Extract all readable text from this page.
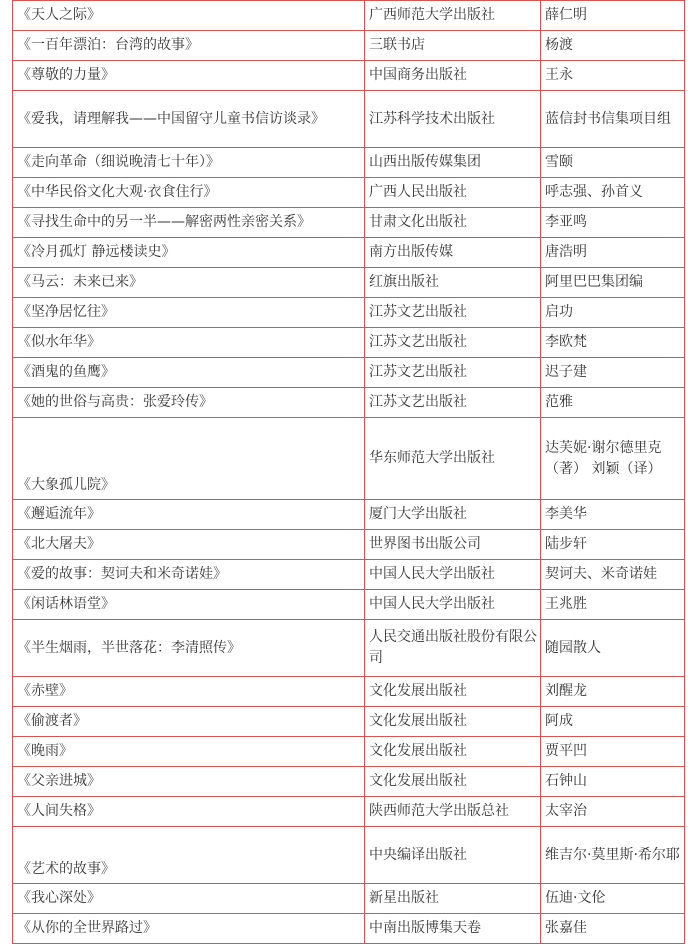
《天人之际》	广西师范大学出版社	薛仁明
《一百年漂泊：台湾的故事》	三联书店	杨渡
《尊敬的力量》	中国商务出版社	王永
《爱我，请理解我——中国留守儿童书信访谈录》	江苏科学技术出版社	蓝信封书信集项目组
《走向革命（细说晚清七十年）》	山西出版传媒集团	雪颐
《中华民俗文化大观·衣食住行》	广西人民出版社	呼志强、孙首义
《寻找生命中的另一半——解密两性亲密关系》	甘肃文化出版社	李亚鸣
《冷月孤灯 静远楼读史》	南方出版传媒	唐浩明
《马云：未来已来》	红旗出版社	阿里巴巴集团编
《坚净居忆往》	江苏文艺出版社	启功
《似水年华》	江苏文艺出版社	李欧梵
《酒鬼的鱼鹰》	江苏文艺出版社	迟子建
《她的世俗与高贵：张爱玲传》	江苏文艺出版社	范雅
《大象孤儿院》	华东师范大学出版社	达芙妮·谢尔德里克（著） 刘颖（译）
《邂逅流年》	厦门大学出版社	李美华
《北大屠夫》	世界图书出版公司	陆步轩
《爱的故事：契诃夫和米奇诺娃》	中国人民大学出版社	契诃夫、米奇诺娃
《闲话林语堂》	中国人民大学出版社	王兆胜
《半生烟雨，半世落花：李清照传》	人民交通出版社股份有限公司	随园散人
《赤壁》	文化发展出版社	刘醒龙
《偷渡者》	文化发展出版社	阿成
《晚雨》	文化发展出版社	贾平凹
《父亲进城》	文化发展出版社	石钟山
《人间失格》	陕西师范大学出版总社	太宰治
《艺术的故事》	中央编译出版社	维吉尔·莫里斯·希尔耶
《我心深处》	新星出版社	伍迪·文伦
《从你的全世界路过》	中南出版博集天卷	张嘉佳
